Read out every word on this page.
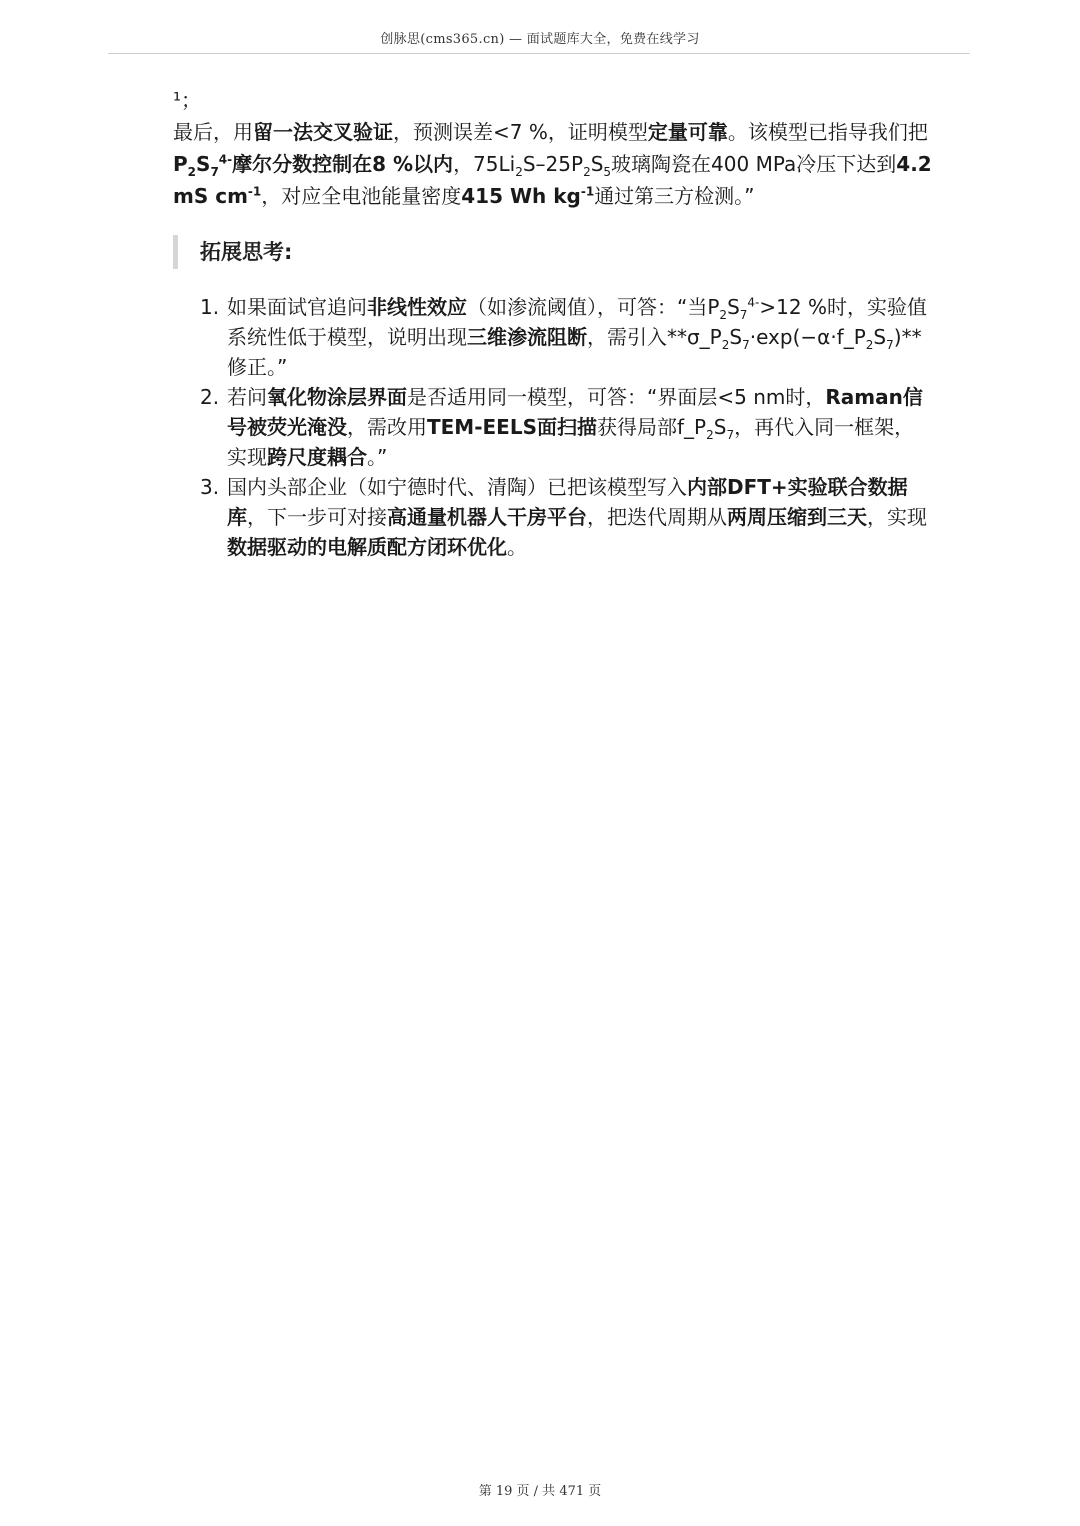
创脉思(cms365.cn) — 面试题库大全，免费在线学习

¹；

最后，用留一法交叉验证，预测误差<7 %，证明模型定量可靠。该模型已指导我们把$P_2S_7^{4-}$摩尔分数控制在8 %以内，$75Li_2S-25P_2S_5$玻璃陶瓷在400 MPa冷压下达到4.2 mS $cm^{-1}$，对应全电池能量密度415 Wh $kg^{-1}$通过第三方检测。”

拓展思考:
1. 如果面试官追问非线性效应（如渗流阈值），可答：“当$P_2S_7^{4-}>12$ %时，实验值系统性低于模型，说明出现三维渗流阻断，需引入$**\sigma\_P_2S_7\cdot\exp(-\alpha\cdot f\_P_2S_7)**$修正。”
2. 若问氧化物涂层界面是否适用同一模型，可答：“界面层<5 nm时，Raman信号被荧光淹没，需改用TEM-EELS面扫描获得局部$f\_P_2S_7$，再代入同一框架，实现跨尺度耦合。”
3. 国内头部企业（如宁德时代、清陶）已把该模型写入内部DFT+实验联合数据库，下一步可对接高通量机器人干房平台，把迭代周期从两周压缩到三天，实现数据驱动的电解质配方闭环优化。
第 19 页 / 共 471 页
